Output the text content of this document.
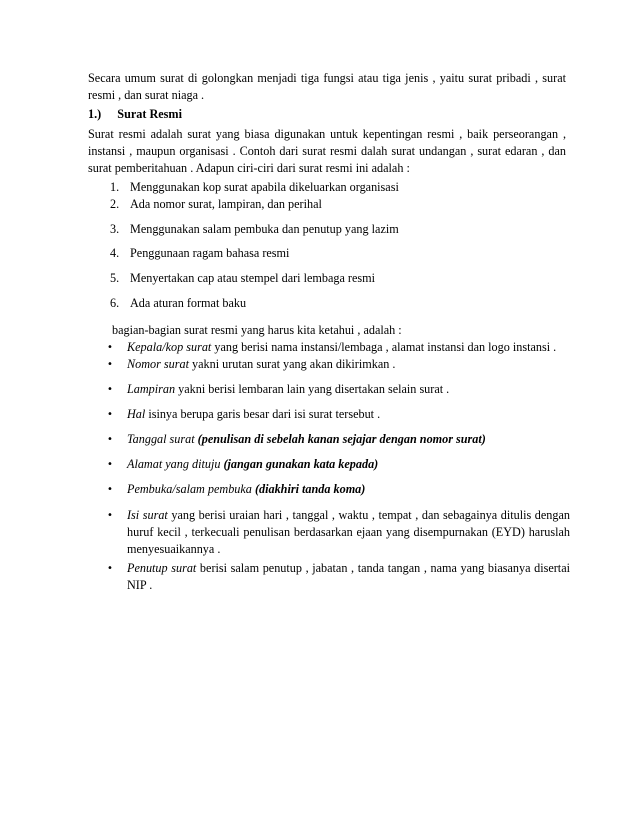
Secara umum surat di golongkan menjadi tiga fungsi atau tiga jenis , yaitu surat pribadi , surat resmi , dan surat niaga .

1.) Surat Resmi

Surat resmi adalah surat yang biasa digunakan untuk kepentingan resmi , baik perseorangan , instansi , maupun organisasi . Contoh dari surat resmi dalah surat undangan , surat edaran , dan surat pemberitahuan . Adapun ciri-ciri dari surat resmi ini adalah :

1. Menggunakan kop surat apabila dikeluarkan organisasi
2. Ada nomor surat, lampiran, dan perihal
3. Menggunakan salam pembuka dan penutup yang lazim
4. Penggunaan ragam bahasa resmi
5. Menyertakan cap atau stempel dari lembaga resmi
6. Ada aturan format baku

bagian-bagian surat resmi yang harus kita ketahui , adalah :

• Kepala/kop surat yang berisi nama instansi/lembaga , alamat instansi dan logo instansi .
• Nomor surat yakni urutan surat yang akan dikirimkan .
• Lampiran yakni berisi lembaran lain yang disertakan selain surat .
• Hal isinya berupa garis besar dari isi surat tersebut .
• Tanggal surat (penulisan di sebelah kanan sejajar dengan nomor surat)
• Alamat yang dituju (jangan gunakan kata kepada)
• Pembuka/salam pembuka (diakhiri tanda koma)
• Isi surat yang berisi uraian hari , tanggal , waktu , tempat , dan sebagainya ditulis dengan huruf kecil , terkecuali penulisan berdasarkan ejaan yang disempurnakan (EYD) haruslah menyesuaikannya .
• Penutup surat berisi salam penutup , jabatan , tanda tangan , nama yang biasanya disertai NIP .
